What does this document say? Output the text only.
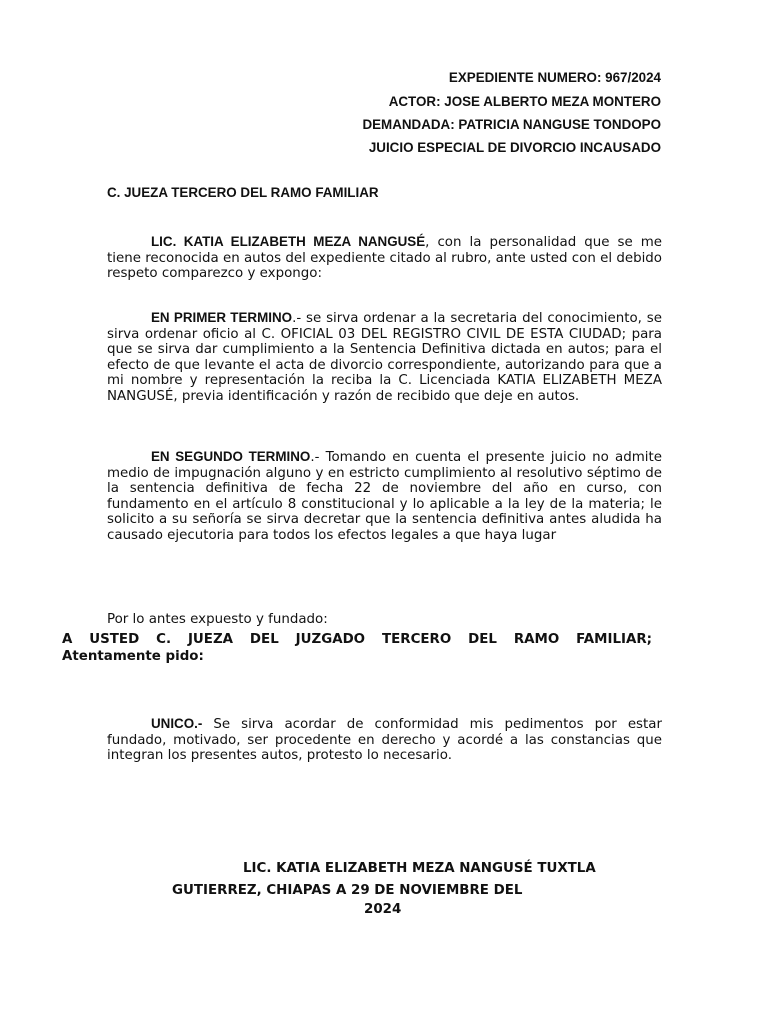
EXPEDIENTE NUMERO: 967/2024

ACTOR: JOSE ALBERTO MEZA MONTERO

DEMANDADA: PATRICIA NANGUSE TONDOPO

JUICIO ESPECIAL DE DIVORCIO INCAUSADO

C. JUEZA TERCERO DEL RAMO FAMILIAR

LIC. KATIA ELIZABETH MEZA NANGUSÉ, con la personalidad que se me tiene reconocida en autos del expediente citado al rubro, ante usted con el debido respeto comparezco y expongo:

EN PRIMER TERMINO.- se sirva ordenar a la secretaria del conocimiento, se sirva ordenar oficio al C. OFICIAL 03 DEL REGISTRO CIVIL DE ESTA CIUDAD; para que se sirva dar cumplimiento a la Sentencia Definitiva dictada en autos; para el efecto de que levante el acta de divorcio correspondiente, autorizando para que a mi nombre y representación la reciba la C. Licenciada KATIA ELIZABETH MEZA NANGUSÉ, previa identificación y razón de recibido que deje en autos.

EN SEGUNDO TERMINO.- Tomando en cuenta el presente juicio no admite medio de impugnación alguno y en estricto cumplimiento al resolutivo séptimo de la sentencia definitiva de fecha 22 de noviembre del año en curso, con fundamento en el artículo 8 constitucional y lo aplicable a la ley de la materia; le solicito a su señoría se sirva decretar que la sentencia definitiva antes aludida ha causado ejecutoria para todos los efectos legales a que haya lugar

Por lo antes expuesto y fundado:

A USTED C. JUEZA DEL JUZGADO TERCERO DEL RAMO FAMILIAR;
Atentamente pido:

UNICO.- Se sirva acordar de conformidad mis pedimentos por estar fundado, motivado, ser procedente en derecho y acordé a las constancias que integran los presentes autos, protesto lo necesario.

LIC. KATIA ELIZABETH MEZA NANGUSÉ TUXTLA

GUTIERREZ, CHIAPAS A 29 DE NOVIEMBRE DEL

2024
